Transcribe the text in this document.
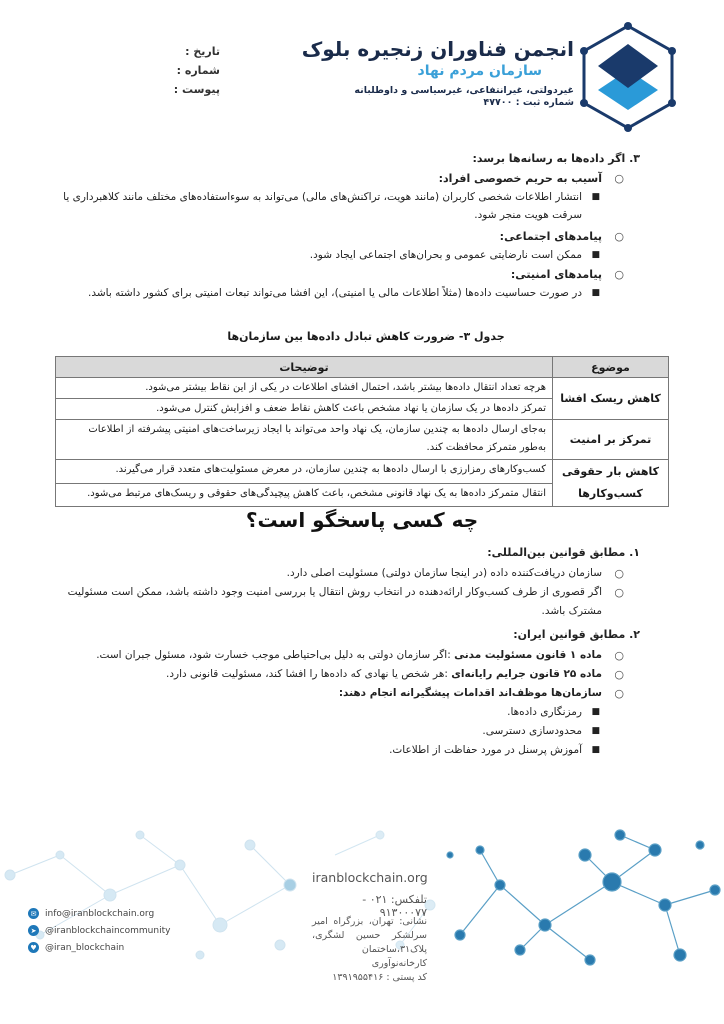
انجمن فناوران زنجیره بلوک
سازمان مردم نهاد
غیردولتی، غیرانتفاعی، غیرسیاسی و داوطلبانه
شماره ثبت : ۴۷۷۰۰
تاریخ :
شماره :
پیوست :
۳. اگر داده‌ها به رسانه‌ها برسد:
○
آسیب به حریم خصوصی افراد:
■
انتشار اطلاعات شخصی کاربران (مانند هویت، تراکنش‌های مالی) می‌تواند به سوءاستفاده‌های مختلف مانند کلاهبرداری یا سرقت هویت منجر شود.
○
پیامدهای اجتماعی:
■
ممکن است نارضایتی عمومی و بحران‌های اجتماعی ایجاد شود.
○
پیامدهای امنیتی:
■
در صورت حساسیت داده‌ها (مثلاً اطلاعات مالی یا امنیتی)، این افشا می‌تواند تبعات امنیتی برای کشور داشته باشد.
جدول ۳- ضرورت کاهش تبادل داده‌ها بین سازمان‌ها
موضوع	توضیحات
کاهش ریسک افشا	هرچه تعداد انتقال داده‌ها بیشتر باشد، احتمال افشای اطلاعات در یکی از این نقاط بیشتر می‌شود.
	تمرکز داده‌ها در یک سازمان یا نهاد مشخص باعث کاهش نقاط ضعف و افزایش کنترل می‌شود.
تمرکز بر امنیت	به‌جای ارسال داده‌ها به چندین سازمان، یک نهاد واحد می‌تواند با ایجاد زیرساخت‌های امنیتی پیشرفته از اطلاعات به‌طور متمرکز محافظت کند.
کاهش بار حقوقی کسب‌وکارها	کسب‌وکارهای رمزارزی با ارسال داده‌ها به چندین سازمان، در معرض مسئولیت‌های متعدد قرار می‌گیرند.
	انتقال متمرکز داده‌ها به یک نهاد قانونی مشخص، باعث کاهش پیچیدگی‌های حقوقی و ریسک‌های مرتبط می‌شود.
چه کسی پاسخگو است؟
۱. مطابق قوانین بین‌المللی:
○
سازمان دریافت‌کننده داده (در اینجا سازمان دولتی) مسئولیت اصلی دارد.
○
اگر قصوری از طرف کسب‌وکار ارائه‌دهنده در انتخاب روش انتقال یا بررسی امنیت وجود داشته باشد، ممکن است مسئولیت مشترک باشد.
۲. مطابق قوانین ایران:
○
ماده ۱ قانون مسئولیت مدنی :اگر سازمان دولتی به دلیل بی‌احتیاطی موجب خسارت شود، مسئول جبران است.
○
ماده ۲۵ قانون جرایم رایانه‌ای :هر شخص یا نهادی که داده‌ها را افشا کند، مسئولیت قانونی دارد.
○
سازمان‌ها موظف‌اند اقدامات پیشگیرانه انجام دهند:
■
رمزنگاری داده‌ها.
■
محدودسازی دسترسی.
■
آموزش پرسنل در مورد حفاظت از اطلاعات.
iranblockchain.org
تلفکس: ۰۲۱ - ۹۱۳۰۰۰۷۷
نشانی: تهران، بزرگراه امیر سرلشکر حسین لشگری، پلاک۳۱،ساختمان کارخانه‌نوآوری
کد پستی : ۱۳۹۱۹۵۵۴۱۶
✉ info@iranblockchain.org
➤ @iranblockchaincommunity
♥ @iran_blockchain
